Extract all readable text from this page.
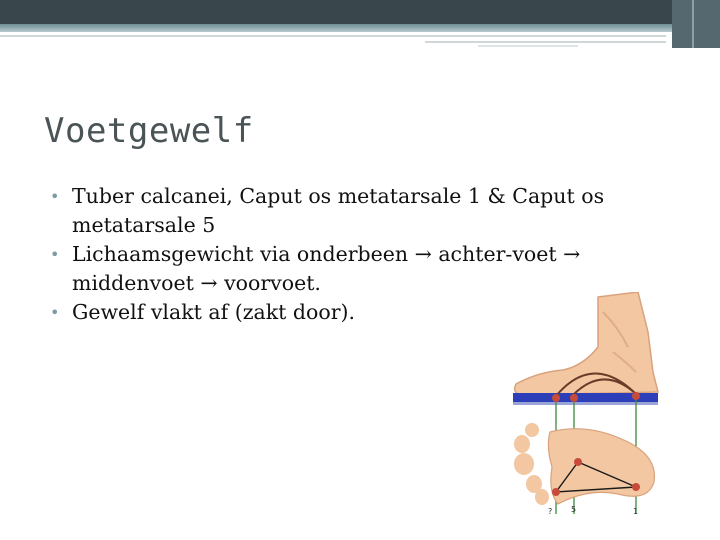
Voetgewelf
• Tuber calcanei, Caput os metatarsale 1 & Caput os metatarsale 5
• Lichaamsgewicht via onderbeen → achter-voet → middenvoet → voorvoet.
• Gewelf vlakt af (zakt door).
? 5	1
